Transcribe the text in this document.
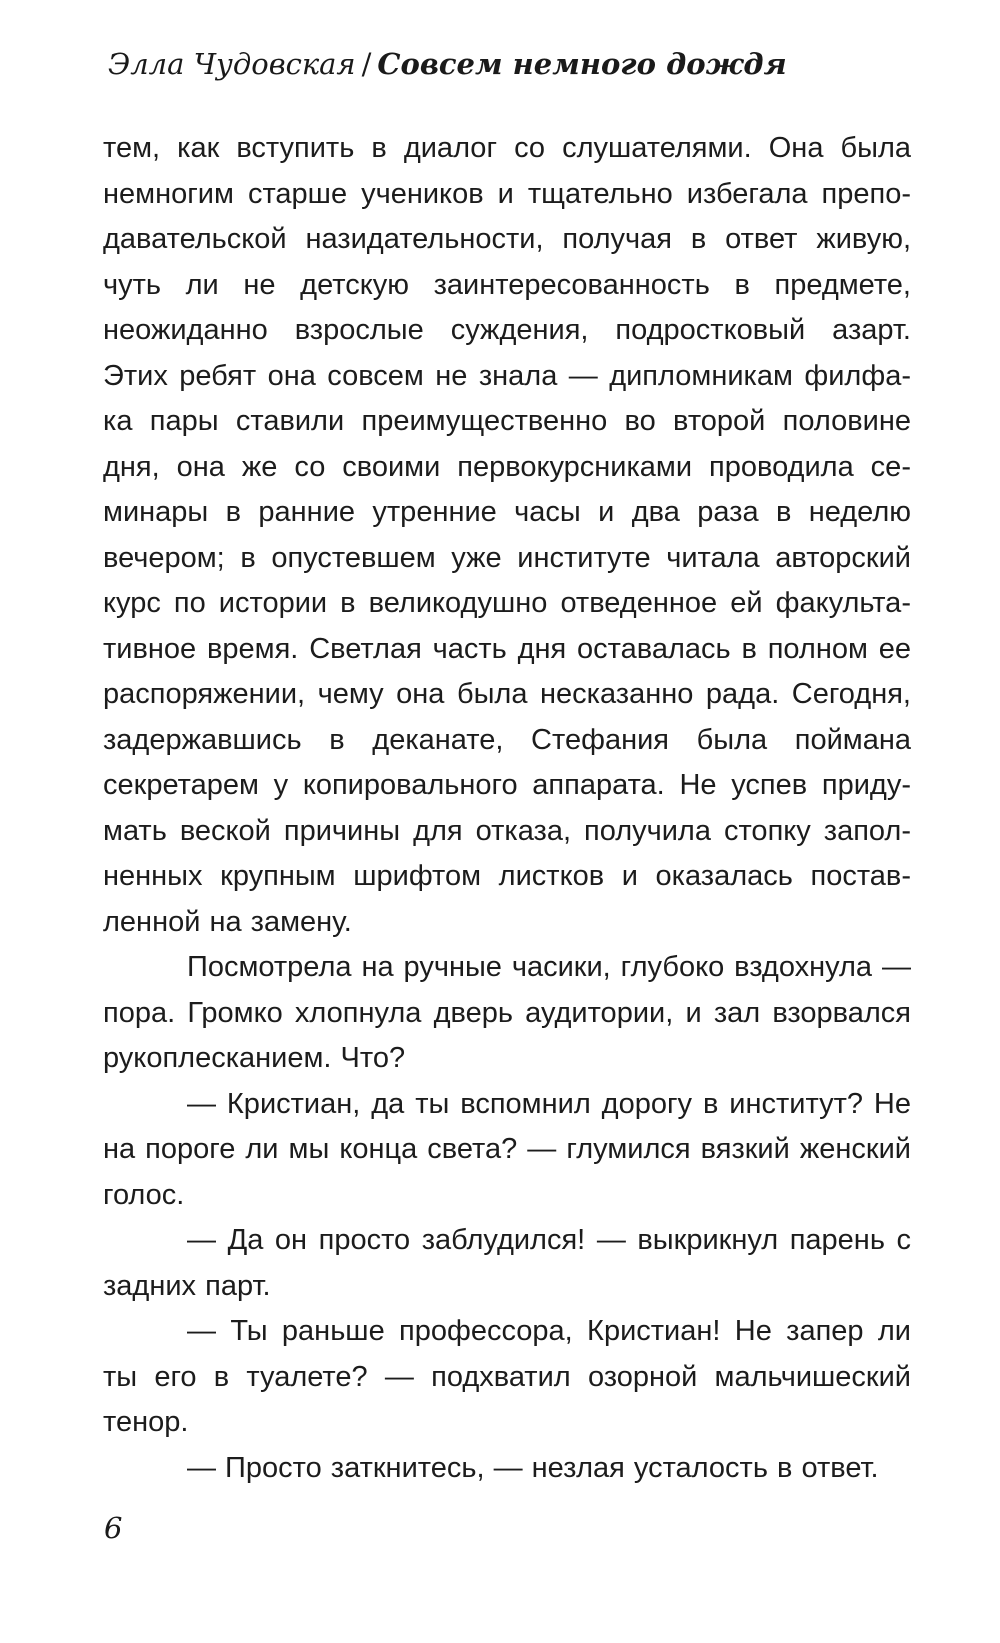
Элла Чудовская / Совсем немного дождя

тем, как вступить в диалог со слушателями. Она была немногим старше учеников и тщательно избегала преподавательской назидательности, получая в ответ живую, чуть ли не детскую заинтересованность в предмете, неожиданно взрослые суждения, подростковый азарт. Этих ребят она совсем не знала — дипломникам филфака пары ставили преимущественно во второй половине дня, она же со своими первокурсниками проводила семинары в ранние утренние часы и два раза в неделю вечером; в опустевшем уже институте читала авторский курс по истории в великодушно отведенное ей факультативное время. Светлая часть дня оставалась в полном ее распоряжении, чему она была несказанно рада. Сегодня, задержавшись в деканате, Стефания была поймана секретарем у копировального аппарата. Не успев придумать веской причины для отказа, получила стопку заполненных крупным шрифтом листков и оказалась поставленной на замену.

Посмотрела на ручные часики, глубоко вздохнула — пора. Громко хлопнула дверь аудитории, и зал взорвался рукоплесканием. Что?

— Кристиан, да ты вспомнил дорогу в институт? Не на пороге ли мы конца света? — глумился вязкий женский голос.

— Да он просто заблудился! — выкрикнул парень с задних парт.

— Ты раньше профессора, Кристиан! Не запер ли ты его в туалете? — подхватил озорной мальчишеский тенор.

— Просто заткнитесь, — незлая усталость в ответ.

6
